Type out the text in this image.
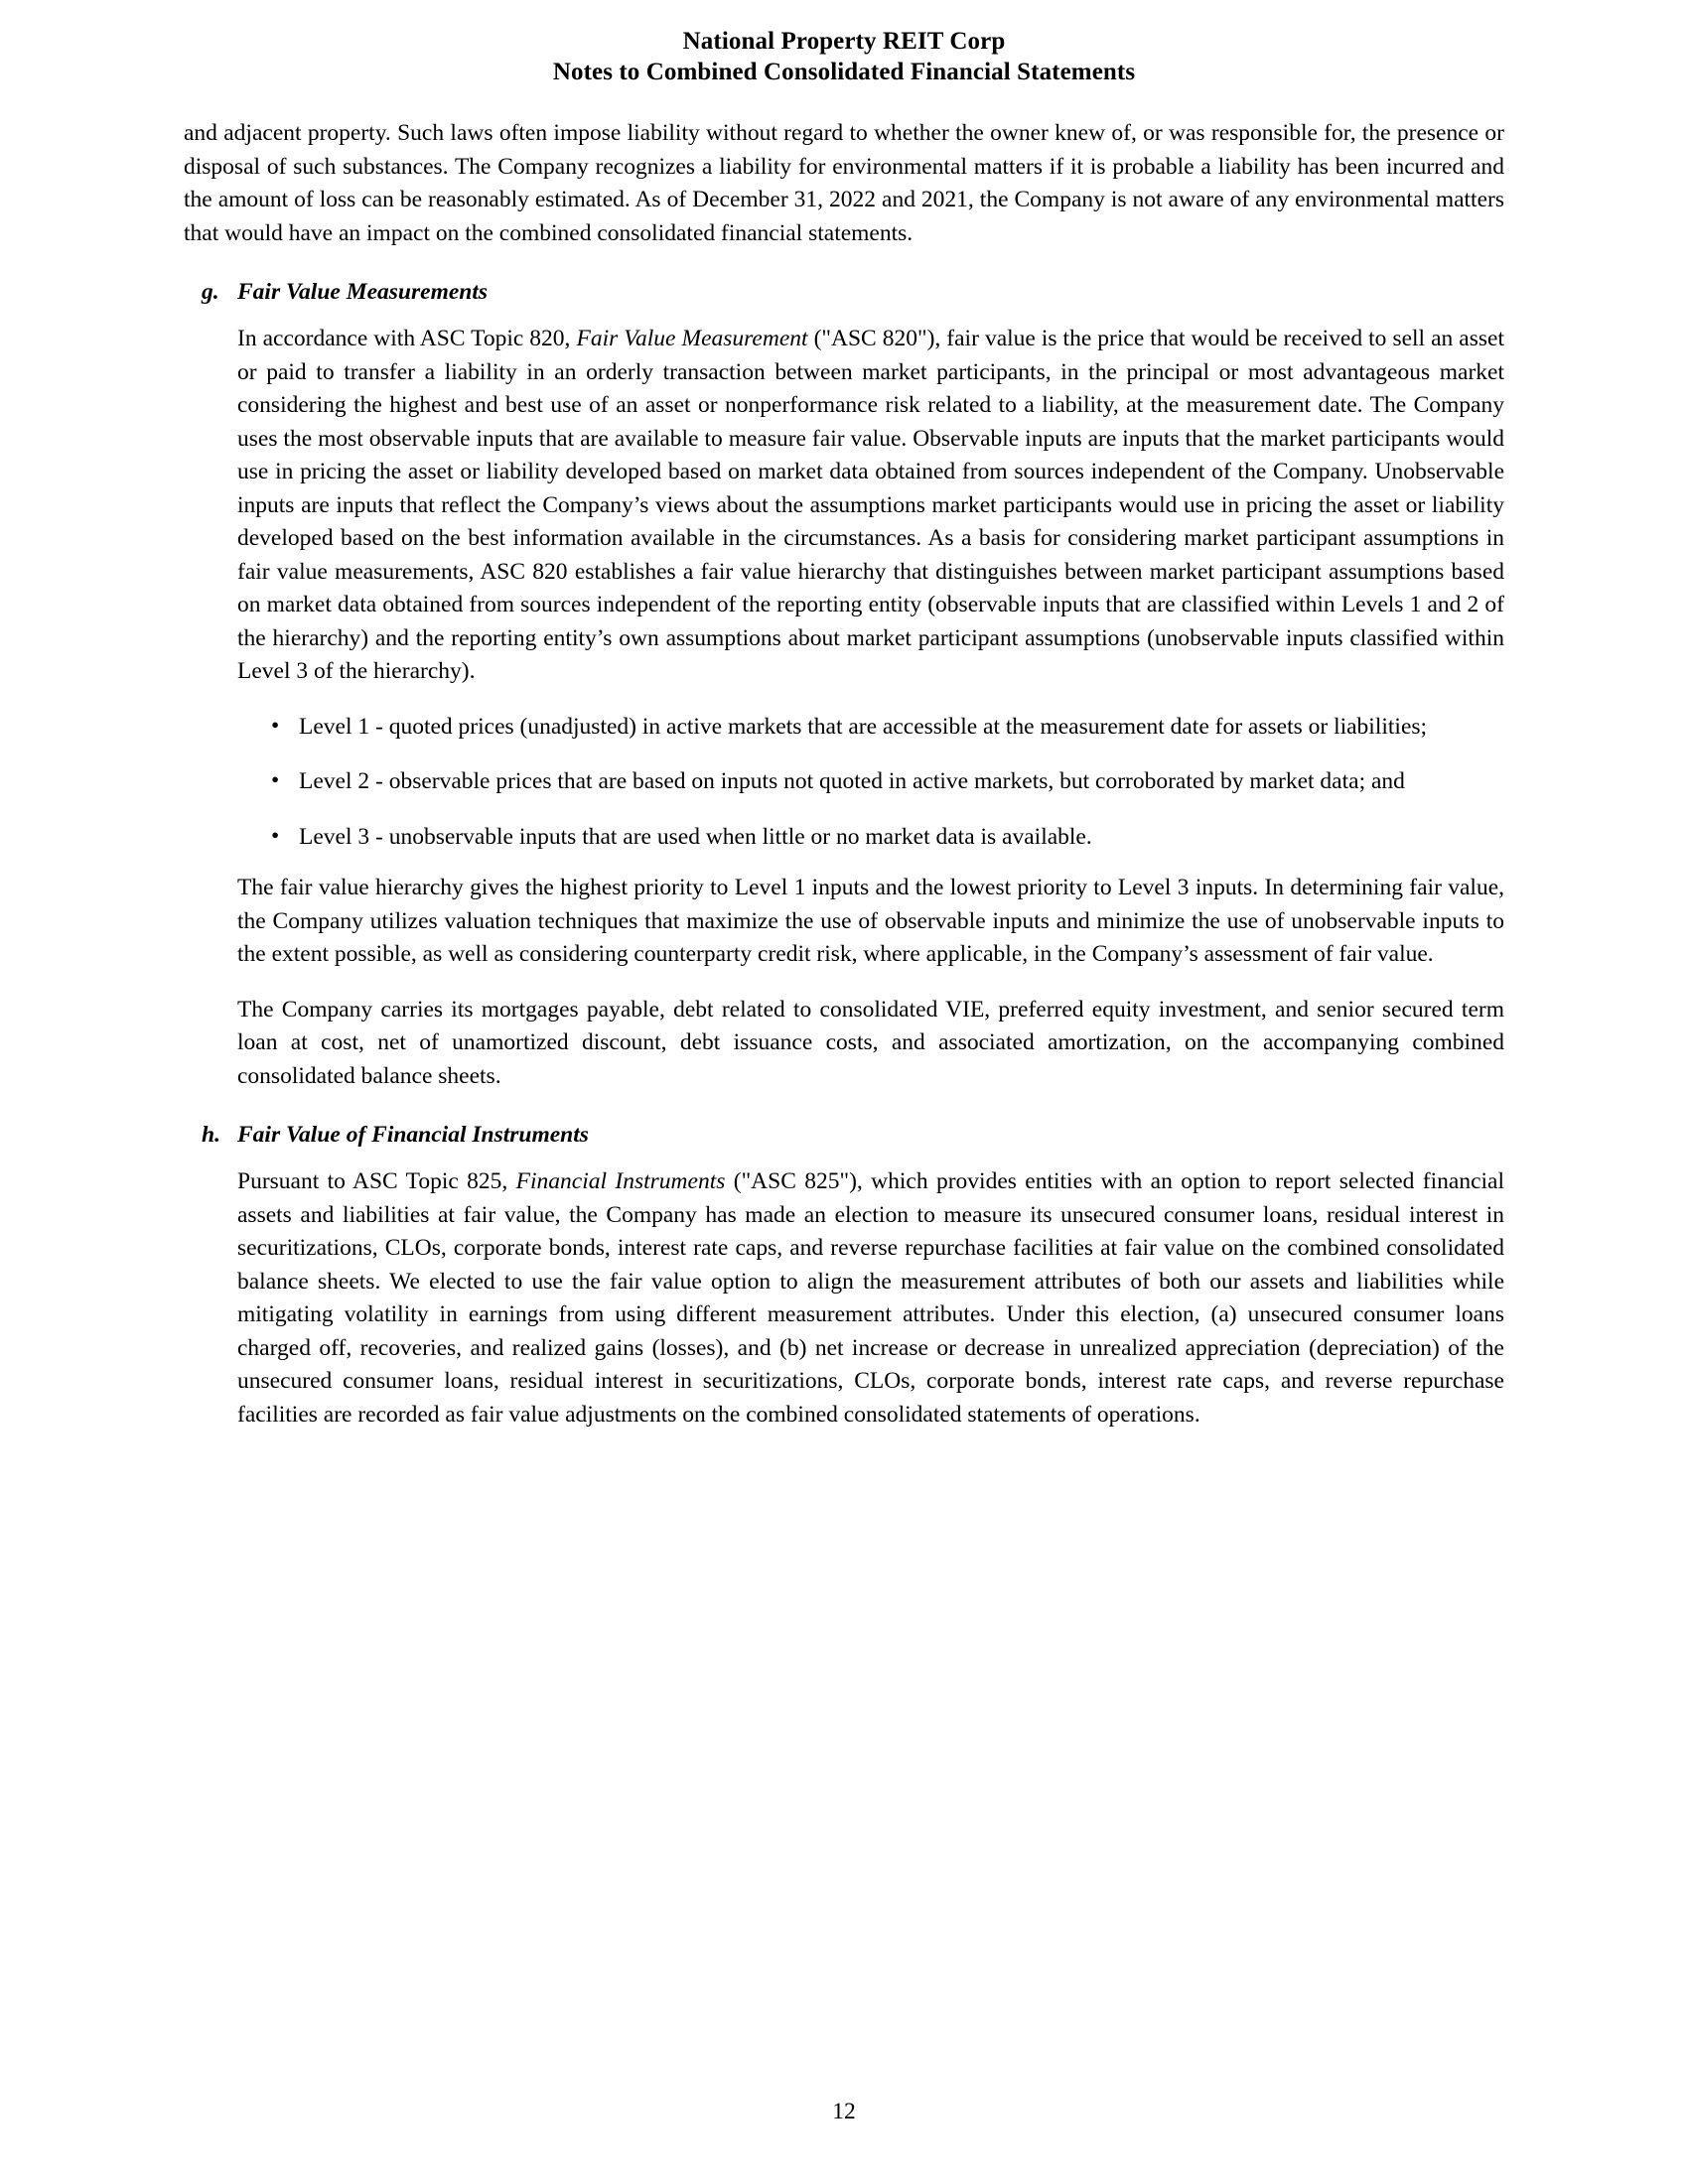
National Property REIT Corp
Notes to Combined Consolidated Financial Statements

and adjacent property. Such laws often impose liability without regard to whether the owner knew of, or was responsible for, the presence or disposal of such substances. The Company recognizes a liability for environmental matters if it is probable a liability has been incurred and the amount of loss can be reasonably estimated. As of December 31, 2022 and 2021, the Company is not aware of any environmental matters that would have an impact on the combined consolidated financial statements.

g. Fair Value Measurements

In accordance with ASC Topic 820, Fair Value Measurement ("ASC 820"), fair value is the price that would be received to sell an asset or paid to transfer a liability in an orderly transaction between market participants, in the principal or most advantageous market considering the highest and best use of an asset or nonperformance risk related to a liability, at the measurement date. The Company uses the most observable inputs that are available to measure fair value. Observable inputs are inputs that the market participants would use in pricing the asset or liability developed based on market data obtained from sources independent of the Company. Unobservable inputs are inputs that reflect the Company’s views about the assumptions market participants would use in pricing the asset or liability developed based on the best information available in the circumstances. As a basis for considering market participant assumptions in fair value measurements, ASC 820 establishes a fair value hierarchy that distinguishes between market participant assumptions based on market data obtained from sources independent of the reporting entity (observable inputs that are classified within Levels 1 and 2 of the hierarchy) and the reporting entity’s own assumptions about market participant assumptions (unobservable inputs classified within Level 3 of the hierarchy).

• Level 1 - quoted prices (unadjusted) in active markets that are accessible at the measurement date for assets or liabilities;
• Level 2 - observable prices that are based on inputs not quoted in active markets, but corroborated by market data; and
• Level 3 - unobservable inputs that are used when little or no market data is available.

The fair value hierarchy gives the highest priority to Level 1 inputs and the lowest priority to Level 3 inputs. In determining fair value, the Company utilizes valuation techniques that maximize the use of observable inputs and minimize the use of unobservable inputs to the extent possible, as well as considering counterparty credit risk, where applicable, in the Company’s assessment of fair value.

The Company carries its mortgages payable, debt related to consolidated VIE, preferred equity investment, and senior secured term loan at cost, net of unamortized discount, debt issuance costs, and associated amortization, on the accompanying combined consolidated balance sheets.

h. Fair Value of Financial Instruments

Pursuant to ASC Topic 825, Financial Instruments ("ASC 825"), which provides entities with an option to report selected financial assets and liabilities at fair value, the Company has made an election to measure its unsecured consumer loans, residual interest in securitizations, CLOs, corporate bonds, interest rate caps, and reverse repurchase facilities at fair value on the combined consolidated balance sheets. We elected to use the fair value option to align the measurement attributes of both our assets and liabilities while mitigating volatility in earnings from using different measurement attributes. Under this election, (a) unsecured consumer loans charged off, recoveries, and realized gains (losses), and (b) net increase or decrease in unrealized appreciation (depreciation) of the unsecured consumer loans, residual interest in securitizations, CLOs, corporate bonds, interest rate caps, and reverse repurchase facilities are recorded as fair value adjustments on the combined consolidated statements of operations.

12
